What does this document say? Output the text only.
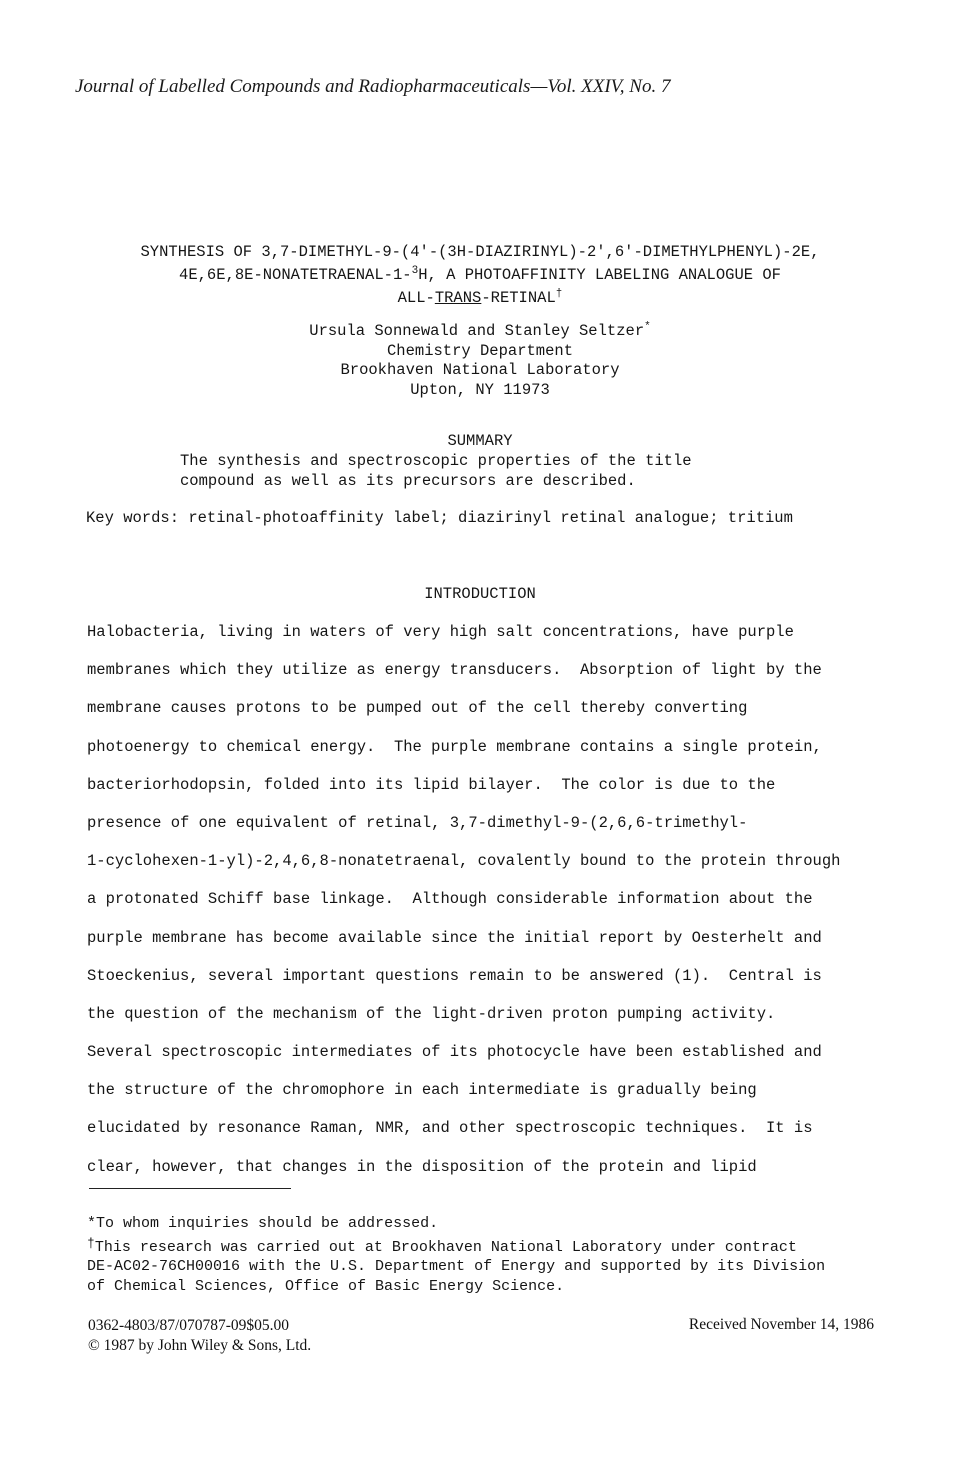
Journal of Labelled Compounds and Radiopharmaceuticals—Vol. XXIV, No. 7
SYNTHESIS OF 3,7-DIMETHYL-9-(4'-(3H-DIAZIRINYL)-2',6'-DIMETHYLPHENYL)-2E,
4E,6E,8E-NONATETRAENAL-1-$^3$H, A PHOTOAFFINITY LABELING ANALOGUE OF
ALL-TRANS-RETINAL†
Ursula Sonnewald and Stanley Seltzer*
Chemistry Department
Brookhaven National Laboratory
Upton, NY 11973
SUMMARY
The synthesis and spectroscopic properties of the title
compound as well as its precursors are described.
Key words: retinal-photoaffinity label; diazirinyl retinal analogue; tritium
INTRODUCTION
Halobacteria, living in waters of very high salt concentrations, have purple
membranes which they utilize as energy transducers.  Absorption of light by the
membrane causes protons to be pumped out of the cell thereby converting
photoenergy to chemical energy.  The purple membrane contains a single protein,
bacteriorhodopsin, folded into its lipid bilayer.  The color is due to the
presence of one equivalent of retinal, 3,7-dimethyl-9-(2,6,6-trimethyl-
1-cyclohexen-1-yl)-2,4,6,8-nonatetraenal, covalently bound to the protein through
a protonated Schiff base linkage.  Although considerable information about the
purple membrane has become available since the initial report by Oesterhelt and
Stoeckenius, several important questions remain to be answered (1).  Central is
the question of the mechanism of the light-driven proton pumping activity.
Several spectroscopic intermediates of its photocycle have been established and
the structure of the chromophore in each intermediate is gradually being
elucidated by resonance Raman, NMR, and other spectroscopic techniques.  It is
clear, however, that changes in the disposition of the protein and lipid
*To whom inquiries should be addressed.
†This research was carried out at Brookhaven National Laboratory under contract
DE-AC02-76CH00016 with the U.S. Department of Energy and supported by its Division
of Chemical Sciences, Office of Basic Energy Science.
0362-4803/87/070787-09$05.00
© 1987 by John Wiley & Sons, Ltd.
Received November 14, 1986
